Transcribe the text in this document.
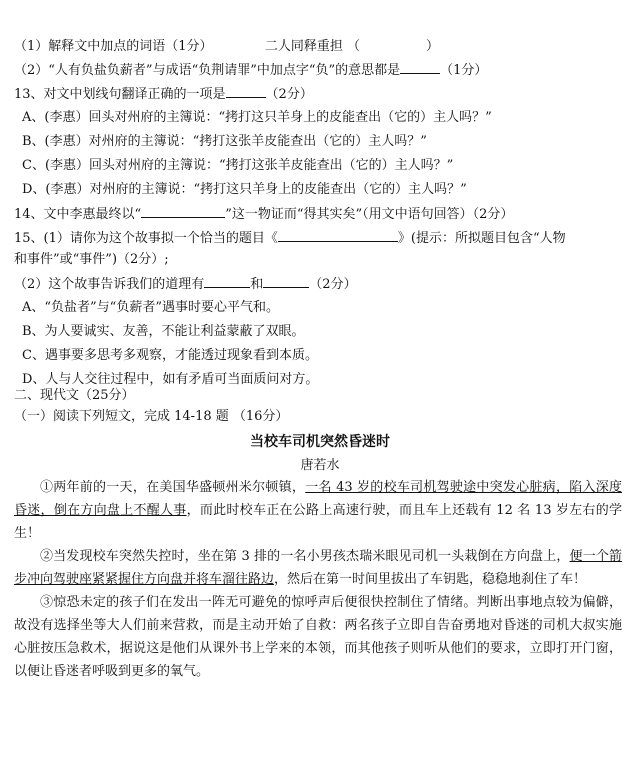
（1）解释文中加点的词语（1分）	二人同释重担 （	）
（2）“人有负盐负薪者”与成语“负荆请罪”中加点字“负”的意思都是	（1分）
13、对文中划线句翻译正确的一项是	（2分）
A、(李惠）回头对州府的主簿说：“拷打这只羊身上的皮能查出（它的）主人吗？”
B、(李惠）对州府的主簿说：“拷打这张羊皮能查出（它的）主人吗？”
C、(李惠）回头对州府的主簿说：“拷打这张羊皮能查出（它的）主人吗？”
D、(李惠）对州府的主簿说：“拷打这只羊身上的皮能查出（它的）主人吗？”
14、文中李惠最终以“	”这一物证而“得其实矣”（用文中语句回答）（2分）
15、(1）请你为这个故事拟一个恰当的题目《	》(提示：所拟题目包含“人物
和事件”或“事件”)（2分）;
（2）这个故事告诉我们的道理有	和	（2分）
A、“负盐者”与“负薪者”遇事时要心平气和。
B、为人要诚实、友善，不能让利益蒙蔽了双眼。
C、遇事要多思考多观察，才能透过现象看到本质。
D、人与人交往过程中，如有矛盾可当面质问对方。
二、现代文（25分）
（一）阅读下列短文，完成 14-18 题 （16分）
当校车司机突然昏迷时
唐若水

①两年前的一天，在美国华盛顿州米尔顿镇，一名 43 岁的校车司机驾驶途中突发心脏病，陷入深度昏迷，倒在方向盘上不醒人事，而此时校车正在公路上高速行驶，而且车上还载有 12 名 13 岁左右的学生！

②当发现校车突然失控时，坐在第 3 排的一名小男孩杰瑞米眼见司机一头栽倒在方向盘上，便一个箭步冲向驾驶座紧紧握住方向盘并将车溜往路边，然后在第一时间里拔出了车钥匙，稳稳地刹住了车！

③惊恐未定的孩子们在发出一阵无可避免的惊呼声后便很快控制住了情绪。判断出事地点较为偏僻，故没有选择坐等大人们前来营救，而是主动开始了自救：两名孩子立即自告奋勇地对昏迷的司机大叔实施心脏按压急救术，据说这是他们从课外书上学来的本领，而其他孩子则听从他们的要求，立即打开门窗，以便让昏迷者呼吸到更多的氧气。
